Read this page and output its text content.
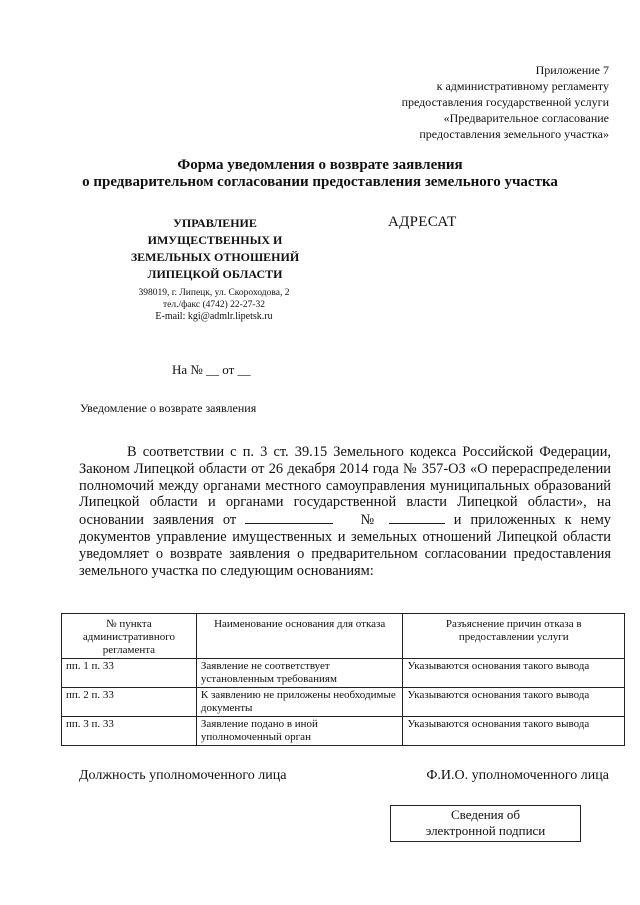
Приложение 7
к административному регламенту
предоставления государственной услуги
«Предварительное согласование
предоставления земельного участка»
Форма уведомления о возврате заявления
о предварительном согласовании предоставления земельного участка
УПРАВЛЕНИЕ
ИМУЩЕСТВЕННЫХ И
ЗЕМЕЛЬНЫХ ОТНОШЕНИЙ
ЛИПЕЦКОЙ ОБЛАСТИ
398019, г. Липецк, ул. Скороходова, 2
тел./факс (4742) 22-27-32
E-mail: kgi@admlr.lipetsk.ru
АДРЕСАТ
На № __ от __
Уведомление о возврате заявления
В соответствии с п. 3 ст. 39.15 Земельного кодекса Российской Федерации, Законом Липецкой области от 26 декабря 2014 года № 357-ОЗ «О перераспределении полномочий между органами местного самоуправления муниципальных образований Липецкой области и органами государственной власти Липецкой области», на основании заявления от	№	и приложенных к нему документов управление имущественных и земельных отношений Липецкой области уведомляет о возврате заявления о предварительном согласовании предоставления земельного участка по следующим основаниям:
№ пункта административного регламента	Наименование основания для отказа	Разъяснение причин отказа в предоставлении услуги
пп. 1 п. 33	Заявление не соответствует установленным требованиям	Указываются основания такого вывода
пп. 2 п. 33	К заявлению не приложены необходимые документы	Указываются основания такого вывода
пп. 3 п. 33	Заявление подано в иной уполномоченный орган	Указываются основания такого вывода
Должность уполномоченного лица	Ф.И.О. уполномоченного лица
Сведения об
электронной подписи
